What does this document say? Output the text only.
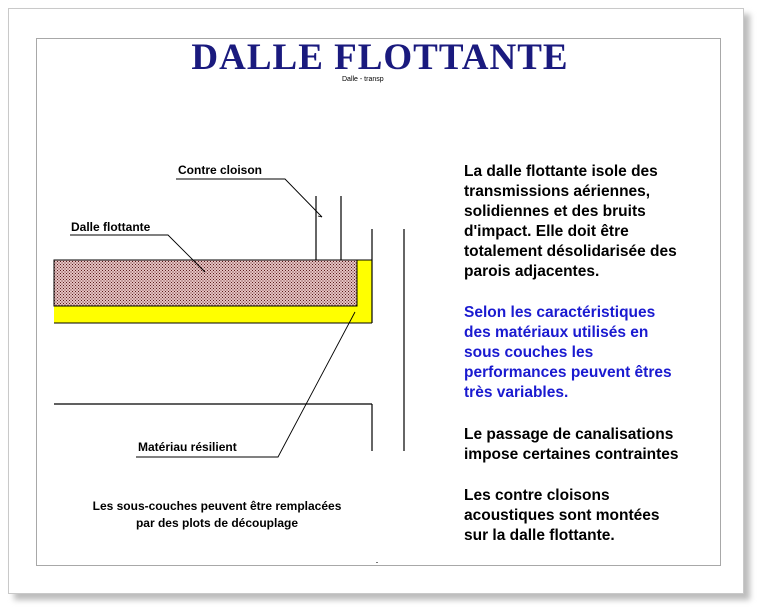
DALLE FLOTTANTE
Dalle - transp
Contre cloison
Dalle flottante
Matériau résilient
Les sous-couches peuvent être remplacées
par des plots de découplage
La dalle flottante isole des
transmissions aériennes,
solidiennes et des bruits
d'impact. Elle doit être
totalement désolidarisée des
parois adjacentes.
Selon les caractéristiques
des matériaux utilisés en
sous couches les
performances peuvent êtres
très variables.
Le passage de canalisations
impose certaines contraintes
Les contre cloisons
acoustiques sont montées
sur la dalle flottante.
